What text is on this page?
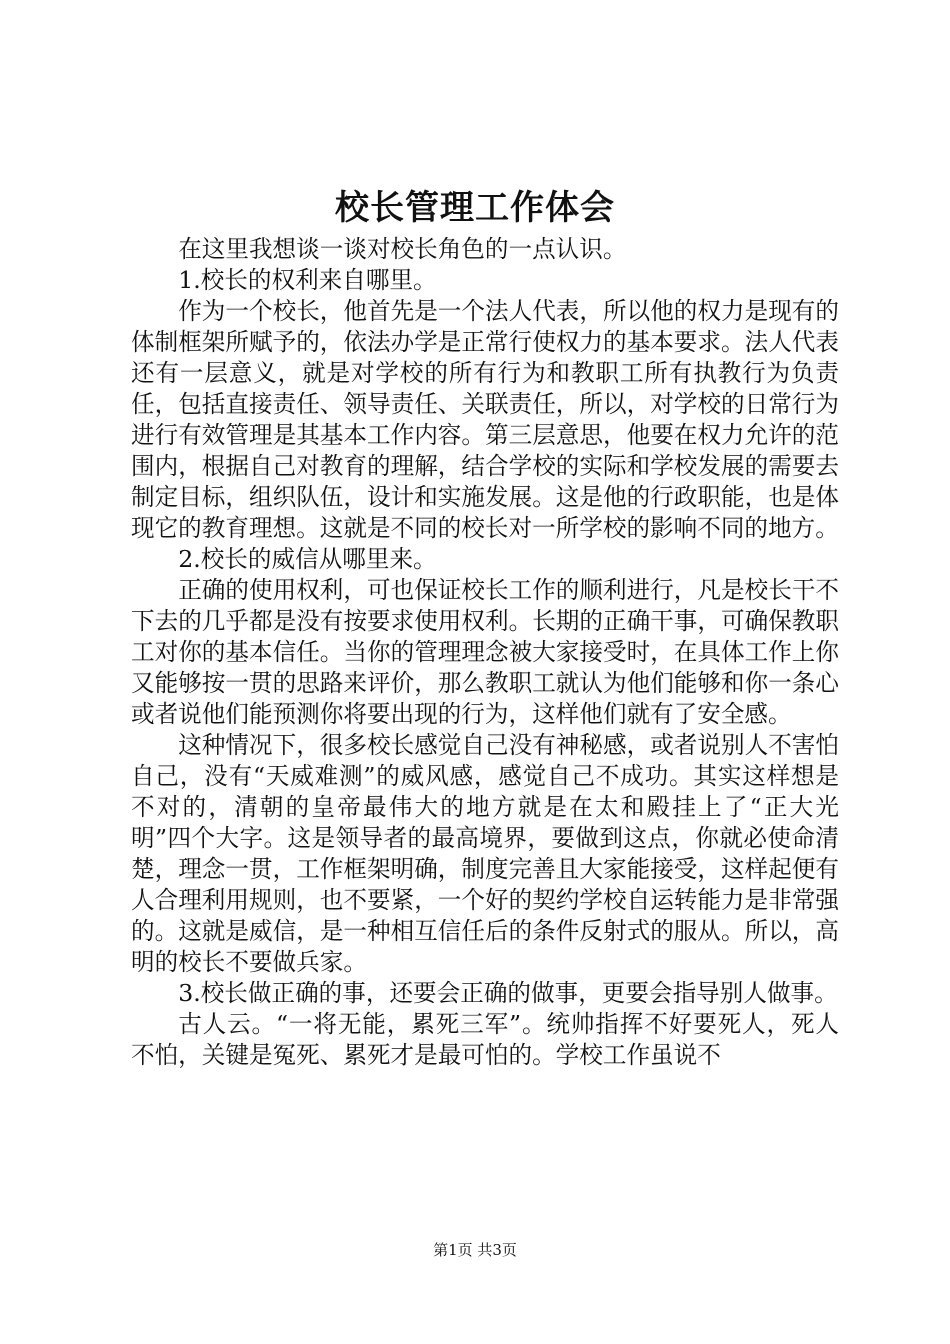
校长管理工作体会

在这里我想谈一谈对校长角色的一点认识。

1.校长的权利来自哪里。

作为一个校长，他首先是一个法人代表，所以他的权力是现有的体制框架所赋予的，依法办学是正常行使权力的基本要求。法人代表还有一层意义，就是对学校的所有行为和教职工所有执教行为负责任，包括直接责任、领导责任、关联责任，所以，对学校的日常行为进行有效管理是其基本工作内容。第三层意思，他要在权力允许的范围内，根据自己对教育的理解，结合学校的实际和学校发展的需要去制定目标，组织队伍，设计和实施发展。这是他的行政职能，也是体现它的教育理想。这就是不同的校长对一所学校的影响不同的地方。

2.校长的威信从哪里来。

正确的使用权利，可也保证校长工作的顺利进行，凡是校长干不下去的几乎都是没有按要求使用权利。长期的正确干事，可确保教职工对你的基本信任。当你的管理理念被大家接受时，在具体工作上你又能够按一贯的思路来评价，那么教职工就认为他们能够和你一条心或者说他们能预测你将要出现的行为，这样他们就有了安全感。

这种情况下，很多校长感觉自己没有神秘感，或者说别人不害怕自己，没有“天威难测”的威风感，感觉自己不成功。其实这样想是不对的，清朝的皇帝最伟大的地方就是在太和殿挂上了“正大光明”四个大字。这是领导者的最高境界，要做到这点，你就必使命清楚，理念一贯，工作框架明确，制度完善且大家能接受，这样起便有人合理利用规则，也不要紧，一个好的契约学校自运转能力是非常强的。这就是威信，是一种相互信任后的条件反射式的服从。所以，高明的校长不要做兵家。

3.校长做正确的事，还要会正确的做事，更要会指导别人做事。

古人云。“一将无能，累死三军”。统帅指挥不好要死人，死人不怕，关键是冤死、累死才是最可怕的。学校工作虽说不

第1页 共3页
